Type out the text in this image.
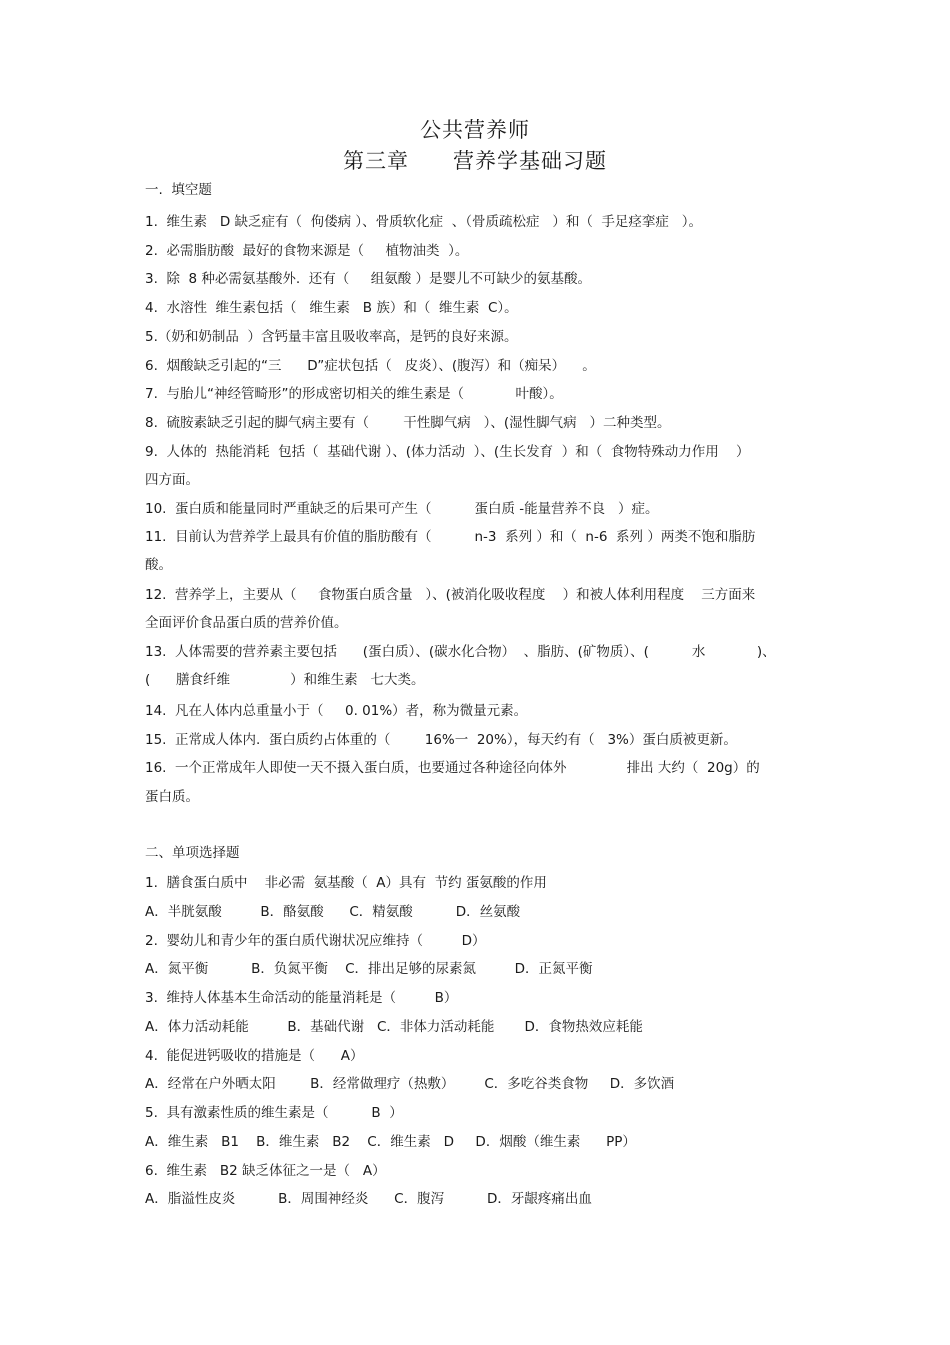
公共营养师
第三章　　营养学基础习题

一.  填空题

1.  维生素   D 缺乏症有（  佝偻病 ）、骨质软化症  、（骨质疏松症   ）和（  手足痉挛症   ）。

2.  必需脂肪酸  最好的食物来源是（     植物油类  ）。

3.  除  8 种必需氨基酸外.  还有（     组氨酸 ）是婴儿不可缺少的氨基酸。

4.  水溶性  维生素包括（   维生素   B 族）和（  维生素  C）。

5.（奶和奶制品  ）含钙量丰富且吸收率高，是钙的良好来源。

6.  烟酸缺乏引起的“三      D”症状包括（   皮炎）、(腹泻）和（痴呆）    。

7.  与胎儿“神经管畸形”的形成密切相关的维生素是（            叶酸）。

8.  硫胺素缺乏引起的脚气病主要有（        干性脚气病   ）、(湿性脚气病   ）二种类型。

9.  人体的  热能消耗  包括（  基础代谢 ）、(体力活动  ）、(生长发育  ）和（  食物特殊动力作用    ）

四方面。

10.  蛋白质和能量同时严重缺乏的后果可产生（          蛋白质 -能量营养不良   ）症。

11.  目前认为营养学上最具有价值的脂肪酸有（          n-3  系列 ）和（  n-6  系列 ）两类不饱和脂肪

酸。

12.  营养学上，主要从（     食物蛋白质含量   ）、(被消化吸收程度    ）和被人体利用程度    三方面来

全面评价食品蛋白质的营养价值。

13.  人体需要的营养素主要包括      (蛋白质）、(碳水化合物）  、脂肪、(矿物质）、(          水            )、

(      膳食纤维              ）和维生素   七大类。

14.  凡在人体内总重量小于（     0. 01%）者，称为微量元素。

15.  正常成人体内.  蛋白质约占体重的（        16%一  20%），每天约有（   3%）蛋白质被更新。

16.  一个正常成年人即使一天不摄入蛋白质，也要通过各种途径向体外              排出 大约（  20g）的

蛋白质。

二、单项选择题

1.  膳食蛋白质中    非必需  氨基酸（  A）具有  节约 蛋氨酸的作用

A．半胱氨酸         B．酪氨酸      C．精氨酸          D．丝氨酸

2.  婴幼儿和青少年的蛋白质代谢状况应维持（         D）

A．氮平衡          B．负氮平衡    C．排出足够的尿素氮         D．正氮平衡

3.  维持人体基本生命活动的能量消耗是（         B）

A．体力活动耗能         B．基础代谢   C．非体力活动耗能       D．食物热效应耗能

4.  能促进钙吸收的措施是（      A）

A．经常在户外晒太阳        B．经常做理疗（热敷）       C．多吃谷类食物     D．多饮酒

5.  具有激素性质的维生素是（          B  ）

A．维生素   B1    B．维生素   B2    C．维生素   D     D．烟酸（维生素      PP）

6.  维生素   B2 缺乏体征之一是（   A）

A．脂溢性皮炎          B．周围神经炎      C．腹泻          D．牙龈疼痛出血
